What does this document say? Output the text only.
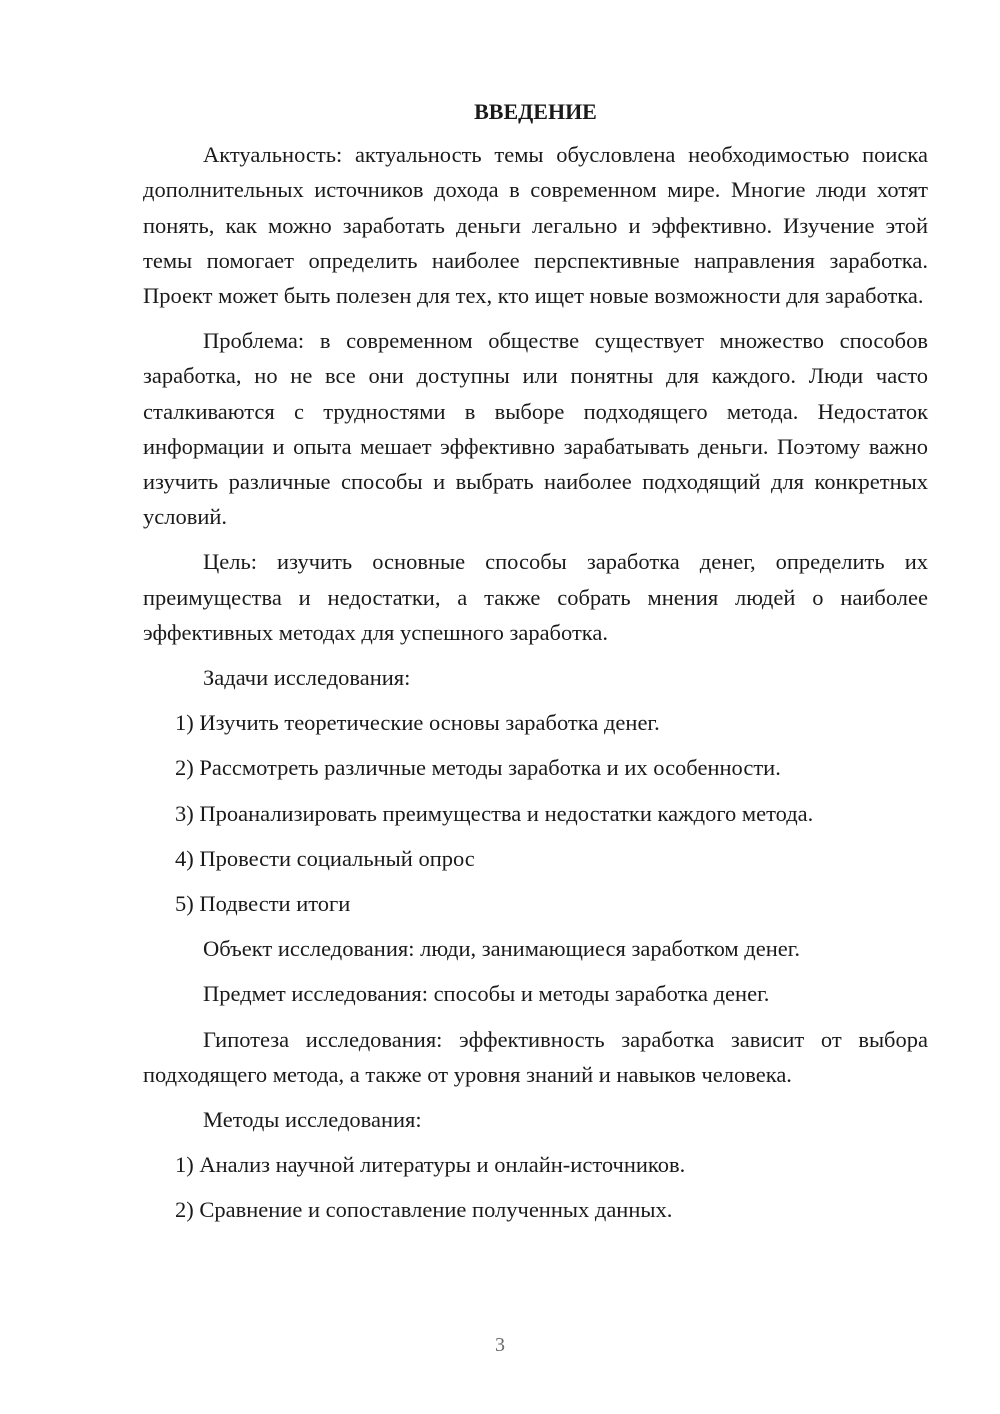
ВВЕДЕНИЕ

Актуальность: актуальность темы обусловлена необходимостью поиска дополнительных источников дохода в современном мире. Многие люди хотят понять, как можно заработать деньги легально и эффективно. Изучение этой темы помогает определить наиболее перспективные направления заработка. Проект может быть полезен для тех, кто ищет новые возможности для заработка.

Проблема: в современном обществе существует множество способов заработка, но не все они доступны или понятны для каждого. Люди часто сталкиваются с трудностями в выборе подходящего метода. Недостаток информации и опыта мешает эффективно зарабатывать деньги. Поэтому важно изучить различные способы и выбрать наиболее подходящий для конкретных условий.

Цель: изучить основные способы заработка денег, определить их преимущества и недостатки, а также собрать мнения людей о наиболее эффективных методах для успешного заработка.

Задачи исследования:

1) Изучить теоретические основы заработка денег.

2) Рассмотреть различные методы заработка и их особенности.

3) Проанализировать преимущества и недостатки каждого метода.

4) Провести социальный опрос

5) Подвести итоги

Объект исследования: люди, занимающиеся заработком денег.

Предмет исследования: способы и методы заработка денег.

Гипотеза исследования: эффективность заработка зависит от выбора подходящего метода, а также от уровня знаний и навыков человека.

Методы исследования:

1) Анализ научной литературы и онлайн-источников.

2) Сравнение и сопоставление полученных данных.

3
